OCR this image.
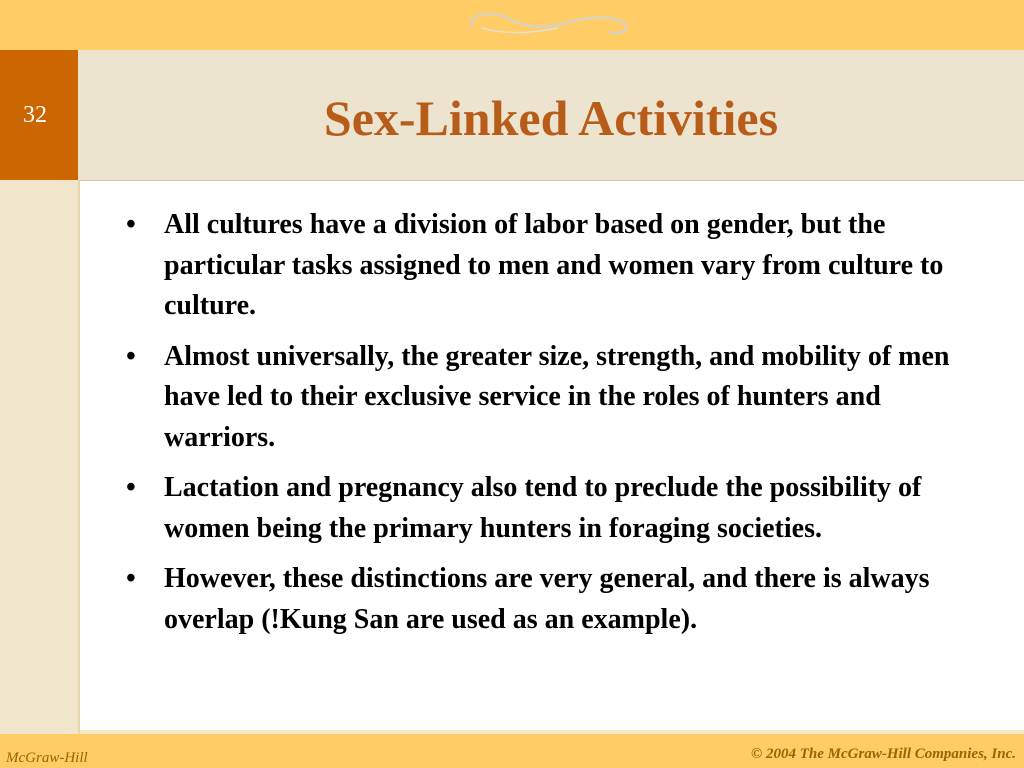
32	Sex-Linked Activities
• All cultures have a division of labor based on gender, but the particular tasks assigned to men and women vary from culture to culture.
• Almost universally, the greater size, strength, and mobility of men have led to their exclusive service in the roles of hunters and warriors.
• Lactation and pregnancy also tend to preclude the possibility of women being the primary hunters in foraging societies.
• However, these distinctions are very general, and there is always overlap (!Kung San are used as an example).
McGraw-Hill	© 2004 The McGraw-Hill Companies, Inc.
